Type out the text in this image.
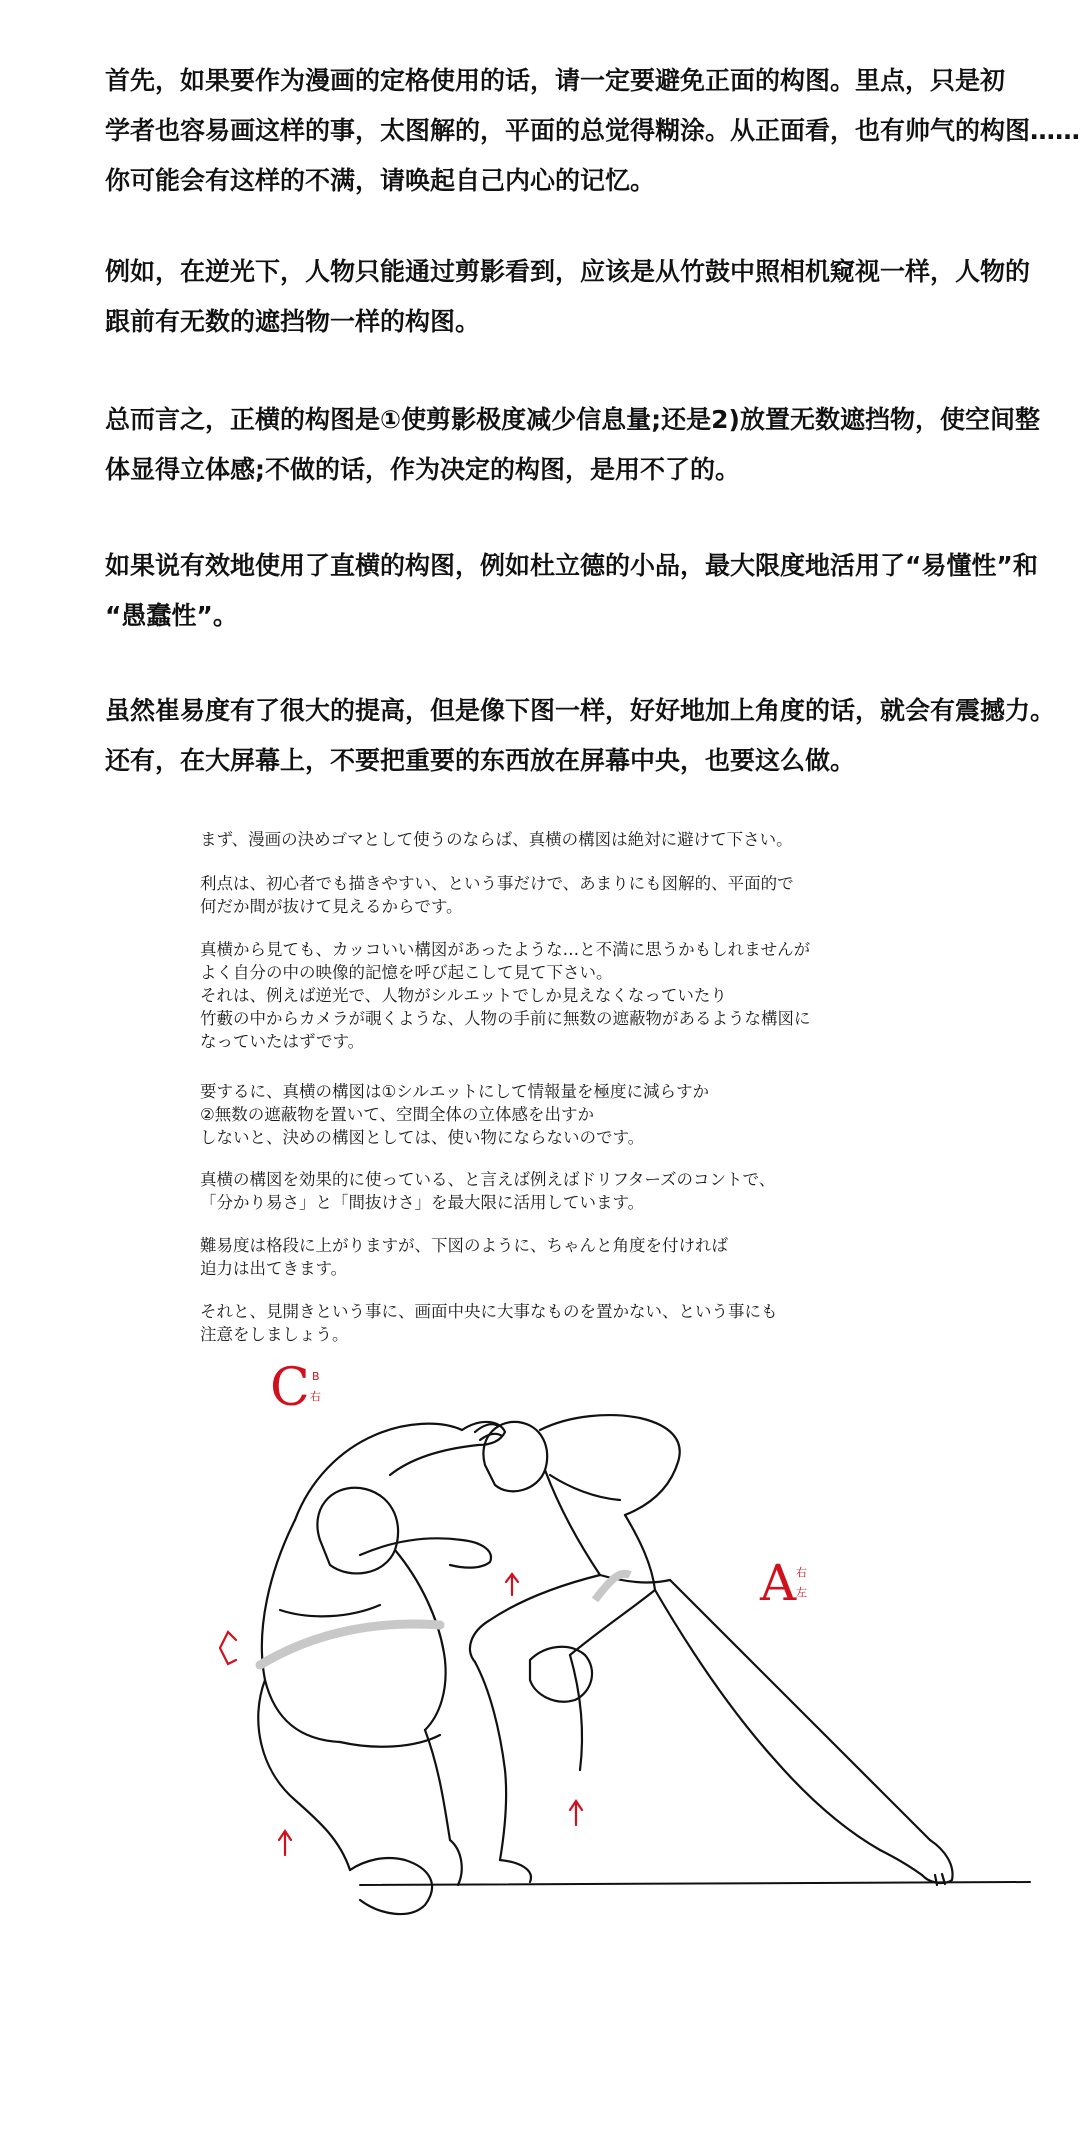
首先，如果要作为漫画的定格使用的话，请一定要避免正面的构图。里点，只是初
学者也容易画这样的事，太图解的，平面的总觉得糊涂。从正面看，也有帅气的构图……
你可能会有这样的不满，请唤起自己内心的记忆。
例如，在逆光下，人物只能通过剪影看到，应该是从竹鼓中照相机窥视一样，人物的
跟前有无数的遮挡物一样的构图。
总而言之，正横的构图是①使剪影极度减少信息量;还是2)放置无数遮挡物，使空间整
体显得立体感;不做的话，作为决定的构图，是用不了的。
如果说有效地使用了直横的构图，例如杜立德的小品，最大限度地活用了“易懂性”和
“愚蠢性”。
虽然崔易度有了很大的提高，但是像下图一样，好好地加上角度的话，就会有震撼力。
还有，在大屏幕上，不要把重要的东西放在屏幕中央，也要这么做。
まず、漫画の決めゴマとして使うのならば、真横の構図は絶対に避けて下さい。
利点は、初心者でも描きやすい、という事だけで、あまりにも図解的、平面的で
何だか間が抜けて見えるからです。
真横から見ても、カッコいい構図があったような…と不満に思うかもしれませんが
よく自分の中の映像的記憶を呼び起こして見て下さい。
それは、例えば逆光で、人物がシルエットでしか見えなくなっていたり
竹藪の中からカメラが覗くような、人物の手前に無数の遮蔽物があるような構図に
なっていたはずです。
要するに、真横の構図は①シルエットにして情報量を極度に減らすか
②無数の遮蔽物を置いて、空間全体の立体感を出すか
しないと、決めの構図としては、使い物にならないのです。
真横の構図を効果的に使っている、と言えば例えばドリフターズのコントで、
「分かり易さ」と「間抜けさ」を最大限に活用しています。
難易度は格段に上がりますが、下図のように、ちゃんと角度を付ければ
迫力は出てきます。
それと、見開きという事に、画面中央に大事なものを置かない、という事にも
注意をしましょう。
C B
右
A 右
左
